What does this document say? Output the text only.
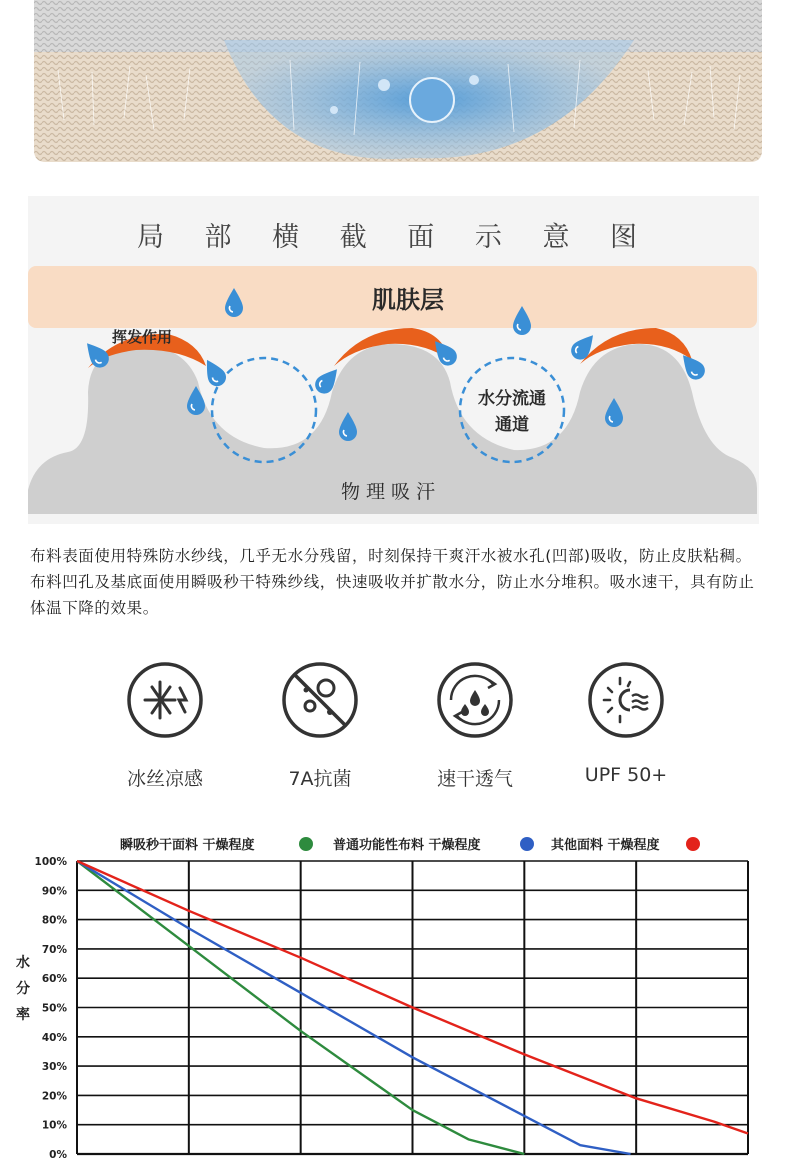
局 部 横 截 面 示 意 图
肌肤层
挥发作用
水分流通
通道
物 理 吸 汗
布料表面使用特殊防水纱线，几乎无水分残留，时刻保持干爽汗水被水孔(凹部)吸收，防止皮肤粘稠。布料凹孔及基底面使用瞬吸秒干特殊纱线，快速吸收并扩散水分，防止水分堆积。吸水速干，具有防止体温下降的效果。
冰丝凉感	7A抗菌	速干透气	UPF 50+
瞬吸秒干面料 干燥程度	普通功能性布料 干燥程度	其他面料 干燥程度
100%
90%
80%
70%
60%
50%
40%
30%
20%
10%
0%
水
分
率
